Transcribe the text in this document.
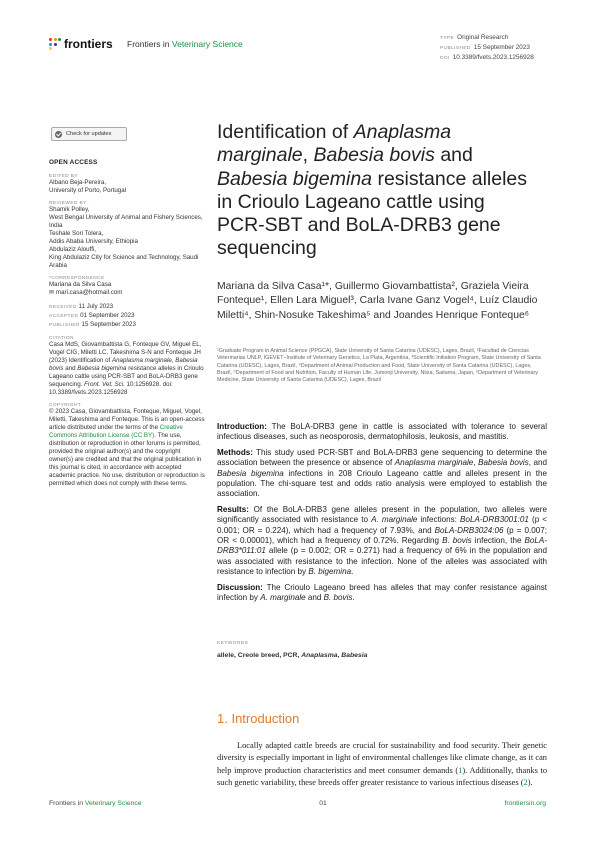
frontiers Frontiers in Veterinary Science
TYPE Original Research
PUBLISHED 15 September 2023
DOI 10.3389/fvets.2023.1256928
Check for updates
OPEN ACCESS
EDITED BY
Albano Beja-Pereira,
University of Porto, Portugal
REVIEWED BY
Shamik Polley,
West Bengal University of Animal and Fishery Sciences, India
Teshale Sori Tolera,
Addis Ababa University, Ethiopia
Abdulaziz Alouffi,
King Abdulaziz City for Science and Technology, Saudi Arabia
*CORRESPONDENCE
Mariana da Silva Casa
✉ mari.casa@hotmail.com
RECEIVED 11 July 2023
ACCEPTED 01 September 2023
PUBLISHED 15 September 2023
CITATION
Casa MdS, Giovambattista G, Fonteque GV, Miguel EL, Vogel CIG, Miletti LC, Takeshima S-N and Fonteque JH (2023) Identification of Anaplasma marginale, Babesia bovis and Babesia bigemina resistance alleles in Crioulo Lageano cattle using PCR-SBT and BoLA-DRB3 gene sequencing. Front. Vet. Sci. 10:1256928. doi: 10.3389/fvets.2023.1256928
COPYRIGHT
© 2023 Casa, Giovambattista, Fonteque, Miguel, Vogel, Miletti, Takeshima and Fonteque. This is an open-access article distributed under the terms of the Creative Commons Attribution License (CC BY). The use, distribution or reproduction in other forums is permitted, provided the original author(s) and the copyright owner(s) are credited and that the original publication in this journal is cited, in accordance with accepted academic practice. No use, distribution or reproduction is permitted which does not comply with these terms.
Identification of Anaplasma marginale, Babesia bovis and Babesia bigemina resistance alleles in Crioulo Lageano cattle using PCR-SBT and BoLA-DRB3 gene sequencing
Mariana da Silva Casa¹*, Guillermo Giovambattista², Graziela Vieira Fonteque¹, Ellen Lara Miguel³, Carla Ivane Ganz Vogel⁴, Luíz Claudio Miletti⁴, Shin-Nosuke Takeshima⁵ and Joandes Henrique Fonteque⁶
¹Graduate Program in Animal Science (PPGCA), State University of Santa Catarina (UDESC), Lages, Brazil, ²Facultad de Ciencias Veterinarias UNLP, IGEVET–Institute of Veterinary Genetics, La Plata, Argentina, ³Scientific Initiation Program, State University of Santa Catarina (UDESC), Lages, Brazil, ⁴Department of Animal Production and Food, State University of Santa Catarina (UDESC), Lages, Brazil, ⁵Department of Food and Nutrition, Faculty of Human Life, Jumonji University, Niiza, Saitama, Japan, ⁶Department of Veterinary Medicine, State University of Santa Catarina (UDESC), Lages, Brazil

Introduction: The BoLA-DRB3 gene in cattle is associated with tolerance to several infectious diseases, such as neosporosis, dermatophilosis, leukosis, and mastitis.

Methods: This study used PCR-SBT and BoLA-DRB3 gene sequencing to determine the association between the presence or absence of Anaplasma marginale, Babesia bovis, and Babesia bigemina infections in 208 Crioulo Lageano cattle and alleles present in the population. The chi-square test and odds ratio analysis were employed to establish the association.

Results: Of the BoLA-DRB3 gene alleles present in the population, two alleles were significantly associated with resistance to A. marginale infections: BoLA-DRB3001:01 (p < 0.001; OR = 0.224), which had a frequency of 7.93%, and BoLA-DRB3024:06 (p = 0.007; OR < 0.00001), which had a frequency of 0.72%. Regarding B. bovis infection, the BoLA-DRB3*011:01 allele (p = 0.002; OR = 0.271) had a frequency of 6% in the population and was associated with resistance to the infection. None of the alleles was associated with resistance to infection by B. bigemina.

Discussion: The Crioulo Lageano breed has alleles that may confer resistance against infection by A. marginale and B. bovis.

KEYWORDS
allele, Creole breed, PCR, Anaplasma, Babesia
1. Introduction
Locally adapted cattle breeds are crucial for sustainability and food security. Their genetic diversity is especially important in light of environmental challenges like climate change, as it can help improve production characteristics and meet consumer demands (1). Additionally, thanks to such genetic variability, these breeds offer greater resistance to various infectious diseases (2).
Frontiers in Veterinary Science	01	frontiersin.org
